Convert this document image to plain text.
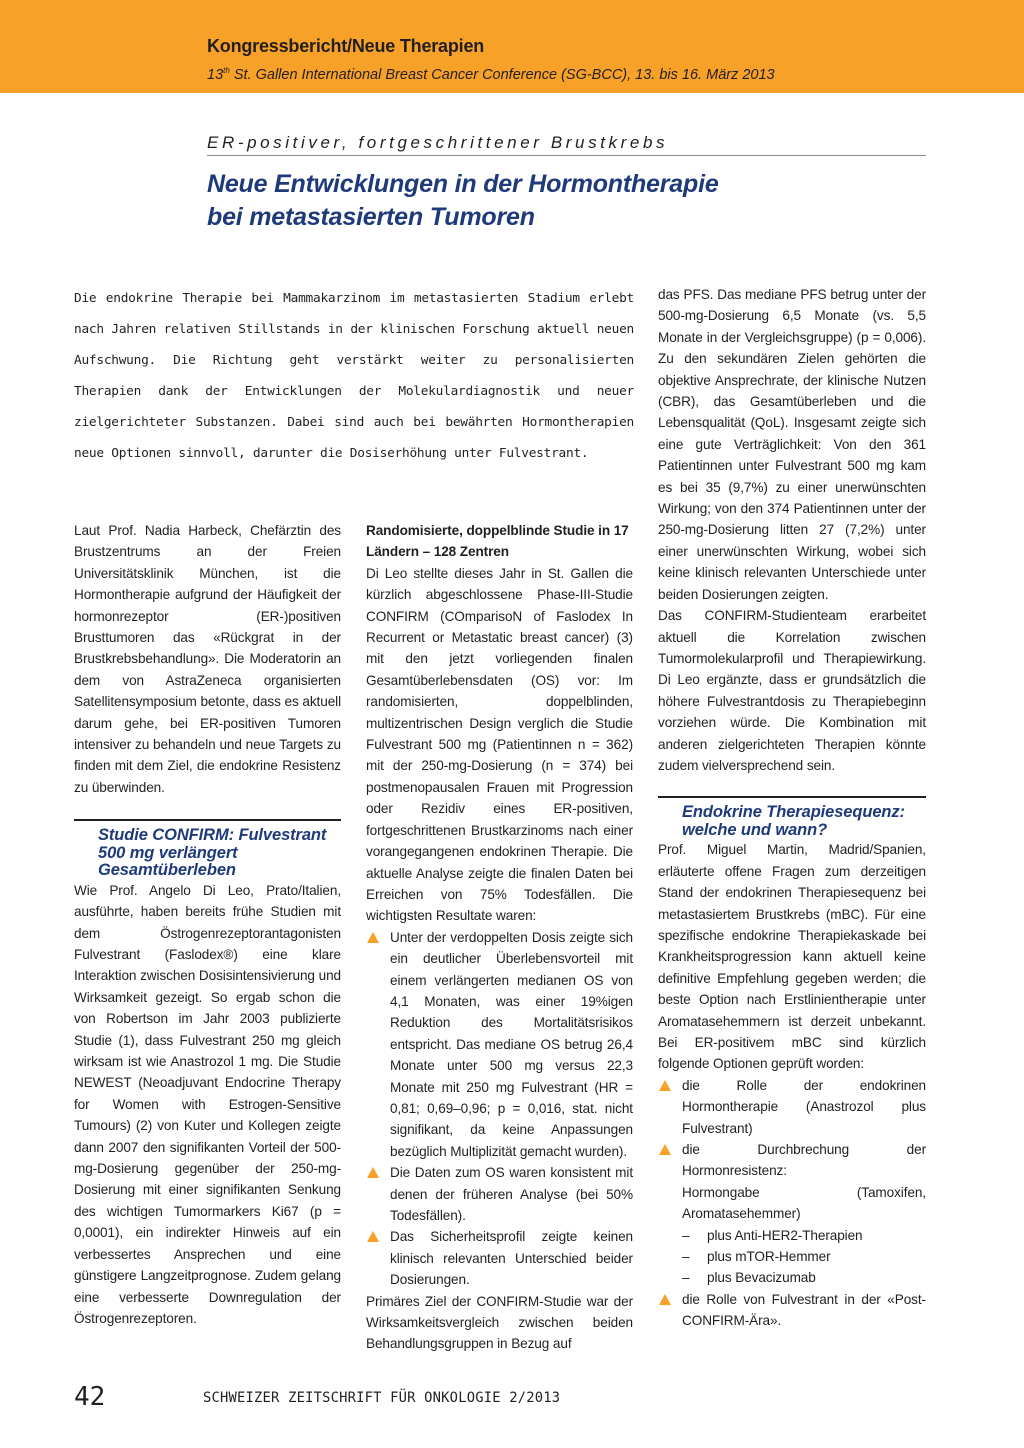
Kongressbericht/Neue Therapien
13th St. Gallen International Breast Cancer Conference (SG-BCC), 13. bis 16. März 2013
ER-positiver, fortgeschrittener Brustkrebs
Neue Entwicklungen in der Hormontherapie
bei metastasierten Tumoren
Die endokrine Therapie bei Mammakarzinom im metastasierten Stadium erlebt nach Jahren relativen Stillstands in der klinischen Forschung aktuell neuen Aufschwung. Die Richtung geht verstärkt weiter zu personalisierten Therapien dank der Entwicklungen der Molekulardiagnostik und neuer zielgerichteter Substanzen. Dabei sind auch bei bewährten Hormontherapien neue Optionen sinnvoll, darunter die Dosiserhöhung unter Fulvestrant.

Laut Prof. Nadia Harbeck, Chefärztin des Brustzentrums an der Freien Universitätsklinik München, ist die Hormontherapie aufgrund der Häufigkeit der hormonrezeptor (ER-)positiven Brusttumoren das «Rückgrat in der Brustkrebsbehandlung». Die Moderatorin an dem von AstraZeneca organisierten Satellitensymposium betonte, dass es aktuell darum gehe, bei ER-positiven Tumoren intensiver zu behandeln und neue Targets zu finden mit dem Ziel, die endokrine Resistenz zu überwinden.

Studie CONFIRM: Fulvestrant 500 mg verlängert Gesamtüberleben

Wie Prof. Angelo Di Leo, Prato/Italien, ausführte, haben bereits frühe Studien mit dem Östrogenrezeptorantagonisten Fulvestrant (Faslodex®) eine klare Interaktion zwischen Dosisintensivierung und Wirksamkeit gezeigt. So ergab schon die von Robertson im Jahr 2003 publizierte Studie (1), dass Fulvestrant 250 mg gleich wirksam ist wie Anastrozol 1 mg. Die Studie NEWEST (Neoadjuvant Endocrine Therapy for Women with Estrogen-Sensitive Tumours) (2) von Kuter und Kollegen zeigte dann 2007 den signifikanten Vorteil der 500-mg-Dosierung gegenüber der 250-mg-Dosierung mit einer signifikanten Senkung des wichtigen Tumormarkers Ki67 (p = 0,0001), ein indirekter Hinweis auf ein verbessertes Ansprechen und eine günstigere Langzeitprognose. Zudem gelang eine verbesserte Downregulation der Östrogenrezeptoren.

Randomisierte, doppelblinde Studie in 17 Ländern – 128 Zentren

Di Leo stellte dieses Jahr in St. Gallen die kürzlich abgeschlossene Phase-III-Studie CONFIRM (COmparisoN of Faslodex In Recurrent or Metastatic breast cancer) (3) mit den jetzt vorliegenden finalen Gesamtüberlebensdaten (OS) vor: Im randomisierten, doppelblinden, multizentrischen Design verglich die Studie Fulvestrant 500 mg (Patientinnen n = 362) mit der 250-mg-Dosierung (n = 374) bei postmenopausalen Frauen mit Progression oder Rezidiv eines ER-positiven, fortgeschrittenen Brustkarzinoms nach einer vorangegangenen endokrinen Therapie. Die aktuelle Analyse zeigte die finalen Daten bei Erreichen von 75% Todesfällen. Die wichtigsten Resultate waren:

Unter der verdoppelten Dosis zeigte sich ein deutlicher Überlebensvorteil mit einem verlängerten medianen OS von 4,1 Monaten, was einer 19%igen Reduktion des Mortalitätsrisikos entspricht. Das mediane OS betrug 26,4 Monate unter 500 mg versus 22,3 Monate mit 250 mg Fulvestrant (HR = 0,81; 0,69–0,96; p = 0,016, stat. nicht signifikant, da keine Anpassungen bezüglich Multiplizität gemacht wurden).
Die Daten zum OS waren konsistent mit denen der früheren Analyse (bei 50% Todesfällen).
Das Sicherheitsprofil zeigte keinen klinisch relevanten Unterschied beider Dosierungen.

Primäres Ziel der CONFIRM-Studie war der Wirksamkeitsvergleich zwischen beiden Behandlungsgruppen in Bezug auf

das PFS. Das mediane PFS betrug unter der 500-mg-Dosierung 6,5 Monate (vs. 5,5 Monate in der Vergleichsgruppe) (p = 0,006). Zu den sekundären Zielen gehörten die objektive Ansprechrate, der klinische Nutzen (CBR), das Gesamtüberleben und die Lebensqualität (QoL). Insgesamt zeigte sich eine gute Verträglichkeit: Von den 361 Patientinnen unter Fulvestrant 500 mg kam es bei 35 (9,7%) zu einer unerwünschten Wirkung; von den 374 Patientinnen unter der 250-mg-Dosierung litten 27 (7,2%) unter einer unerwünschten Wirkung, wobei sich keine klinisch relevanten Unterschiede unter beiden Dosierungen zeigten.

Das CONFIRM-Studienteam erarbeitet aktuell die Korrelation zwischen Tumormolekularprofil und Therapiewirkung. Di Leo ergänzte, dass er grundsätzlich die höhere Fulvestrantdosis zu Therapiebeginn vorziehen würde. Die Kombination mit anderen zielgerichteten Therapien könnte zudem vielversprechend sein.

Endokrine Therapiesequenz: welche und wann?

Prof. Miguel Martin, Madrid/Spanien, erläuterte offene Fragen zum derzeitigen Stand der endokrinen Therapiesequenz bei metastasiertem Brustkrebs (mBC). Für eine spezifische endokrine Therapiekaskade bei Krankheitsprogression kann aktuell keine definitive Empfehlung gegeben werden; die beste Option nach Erstlinientherapie unter Aromatasehemmern ist derzeit unbekannt. Bei ER-positivem mBC sind kürzlich folgende Optionen geprüft worden:

die Rolle der endokrinen Hormontherapie (Anastrozol plus Fulvestrant)
die Durchbrechung der Hormonresistenz:
Hormongabe (Tamoxifen, Aromatasehemmer)
– plus Anti-HER2-Therapien
– plus mTOR-Hemmer
– plus Bevacizumab
die Rolle von Fulvestrant in der «Post-CONFIRM-Ära».
42	SCHWEIZER ZEITSCHRIFT FÜR ONKOLOGIE 2/2013
